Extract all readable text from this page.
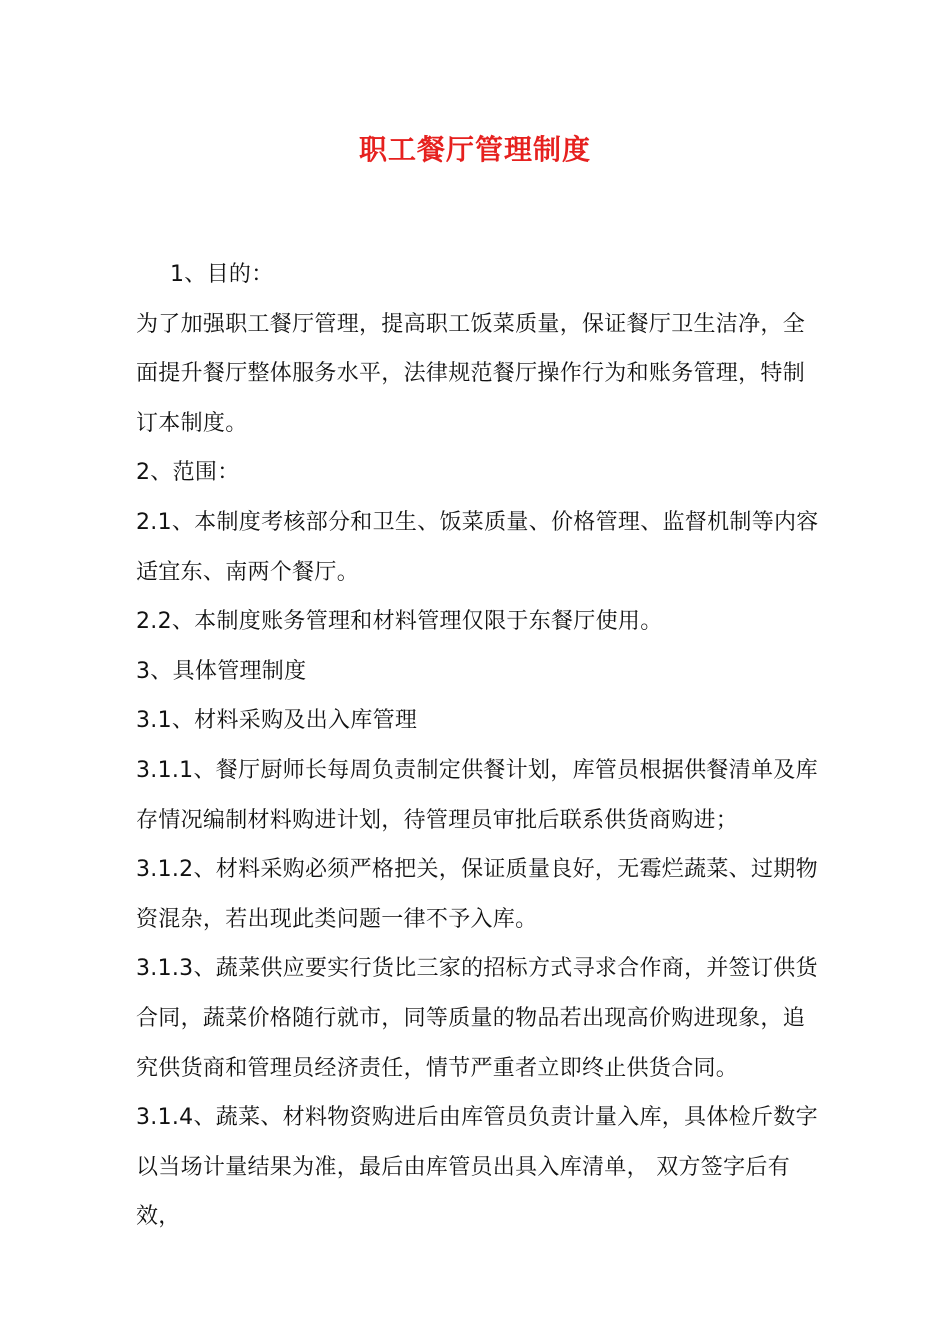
职工餐厅管理制度

1、目的：

为了加强职工餐厅管理，提高职工饭菜质量，保证餐厅卫生洁净，全面提升餐厅整体服务水平，法律规范餐厅操作行为和账务管理，特制订本制度。

2、范围：

2.1、本制度考核部分和卫生、饭菜质量、价格管理、监督机制等内容适宜东、南两个餐厅。

2.2、本制度账务管理和材料管理仅限于东餐厅使用。

3、具体管理制度

3.1、材料采购及出入库管理

3.1.1、餐厅厨师长每周负责制定供餐计划，库管员根据供餐清单及库存情况编制材料购进计划，待管理员审批后联系供货商购进；

3.1.2、材料采购必须严格把关，保证质量良好，无霉烂蔬菜、过期物资混杂，若出现此类问题一律不予入库。

3.1.3、蔬菜供应要实行货比三家的招标方式寻求合作商，并签订供货合同，蔬菜价格随行就市，同等质量的物品若出现高价购进现象，追究供货商和管理员经济责任，情节严重者立即终止供货合同。

3.1.4、蔬菜、材料物资购进后由库管员负责计量入库，具体检斤数字以当场计量结果为准，最后由库管员出具入库清单， 双方签字后有效，
